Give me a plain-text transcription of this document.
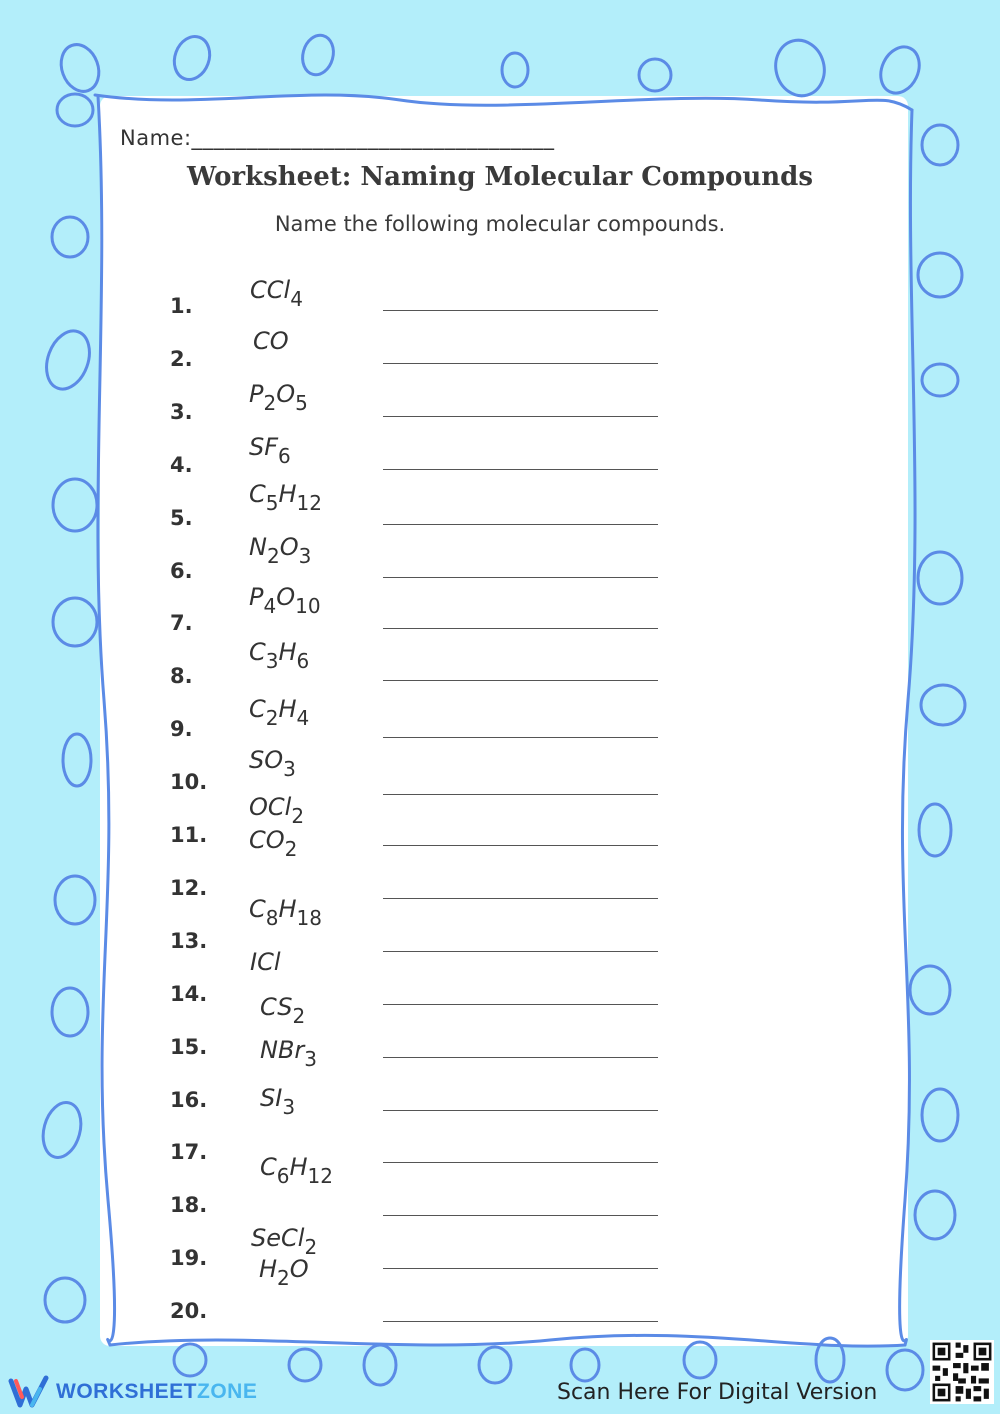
Name:_________________________________
Worksheet: Naming Molecular Compounds
Name the following molecular compounds.
1.
CCl$_4$
2.
CO
3.
$P_2O_5$
4.
$SF_6$
5.
$C_5H_{12}$
6.
$N_2O_3$
7.
$P_4O_{10}$
8.
$C_3H_6$
9.
$C_2H_4$
10.
$SO_3$
11.
OCl$_2$
12.
$CO_2$
13.
$C_8H_{18}$
14.
ICl
15.
$CS_2$
16.
NBr$_3$
17.
$SI_3$
18.
$C_6H_{12}$
19.
SeCl$_2$
20.
$H_2O$
WORKSHEETZONE	Scan Here For Digital Version
